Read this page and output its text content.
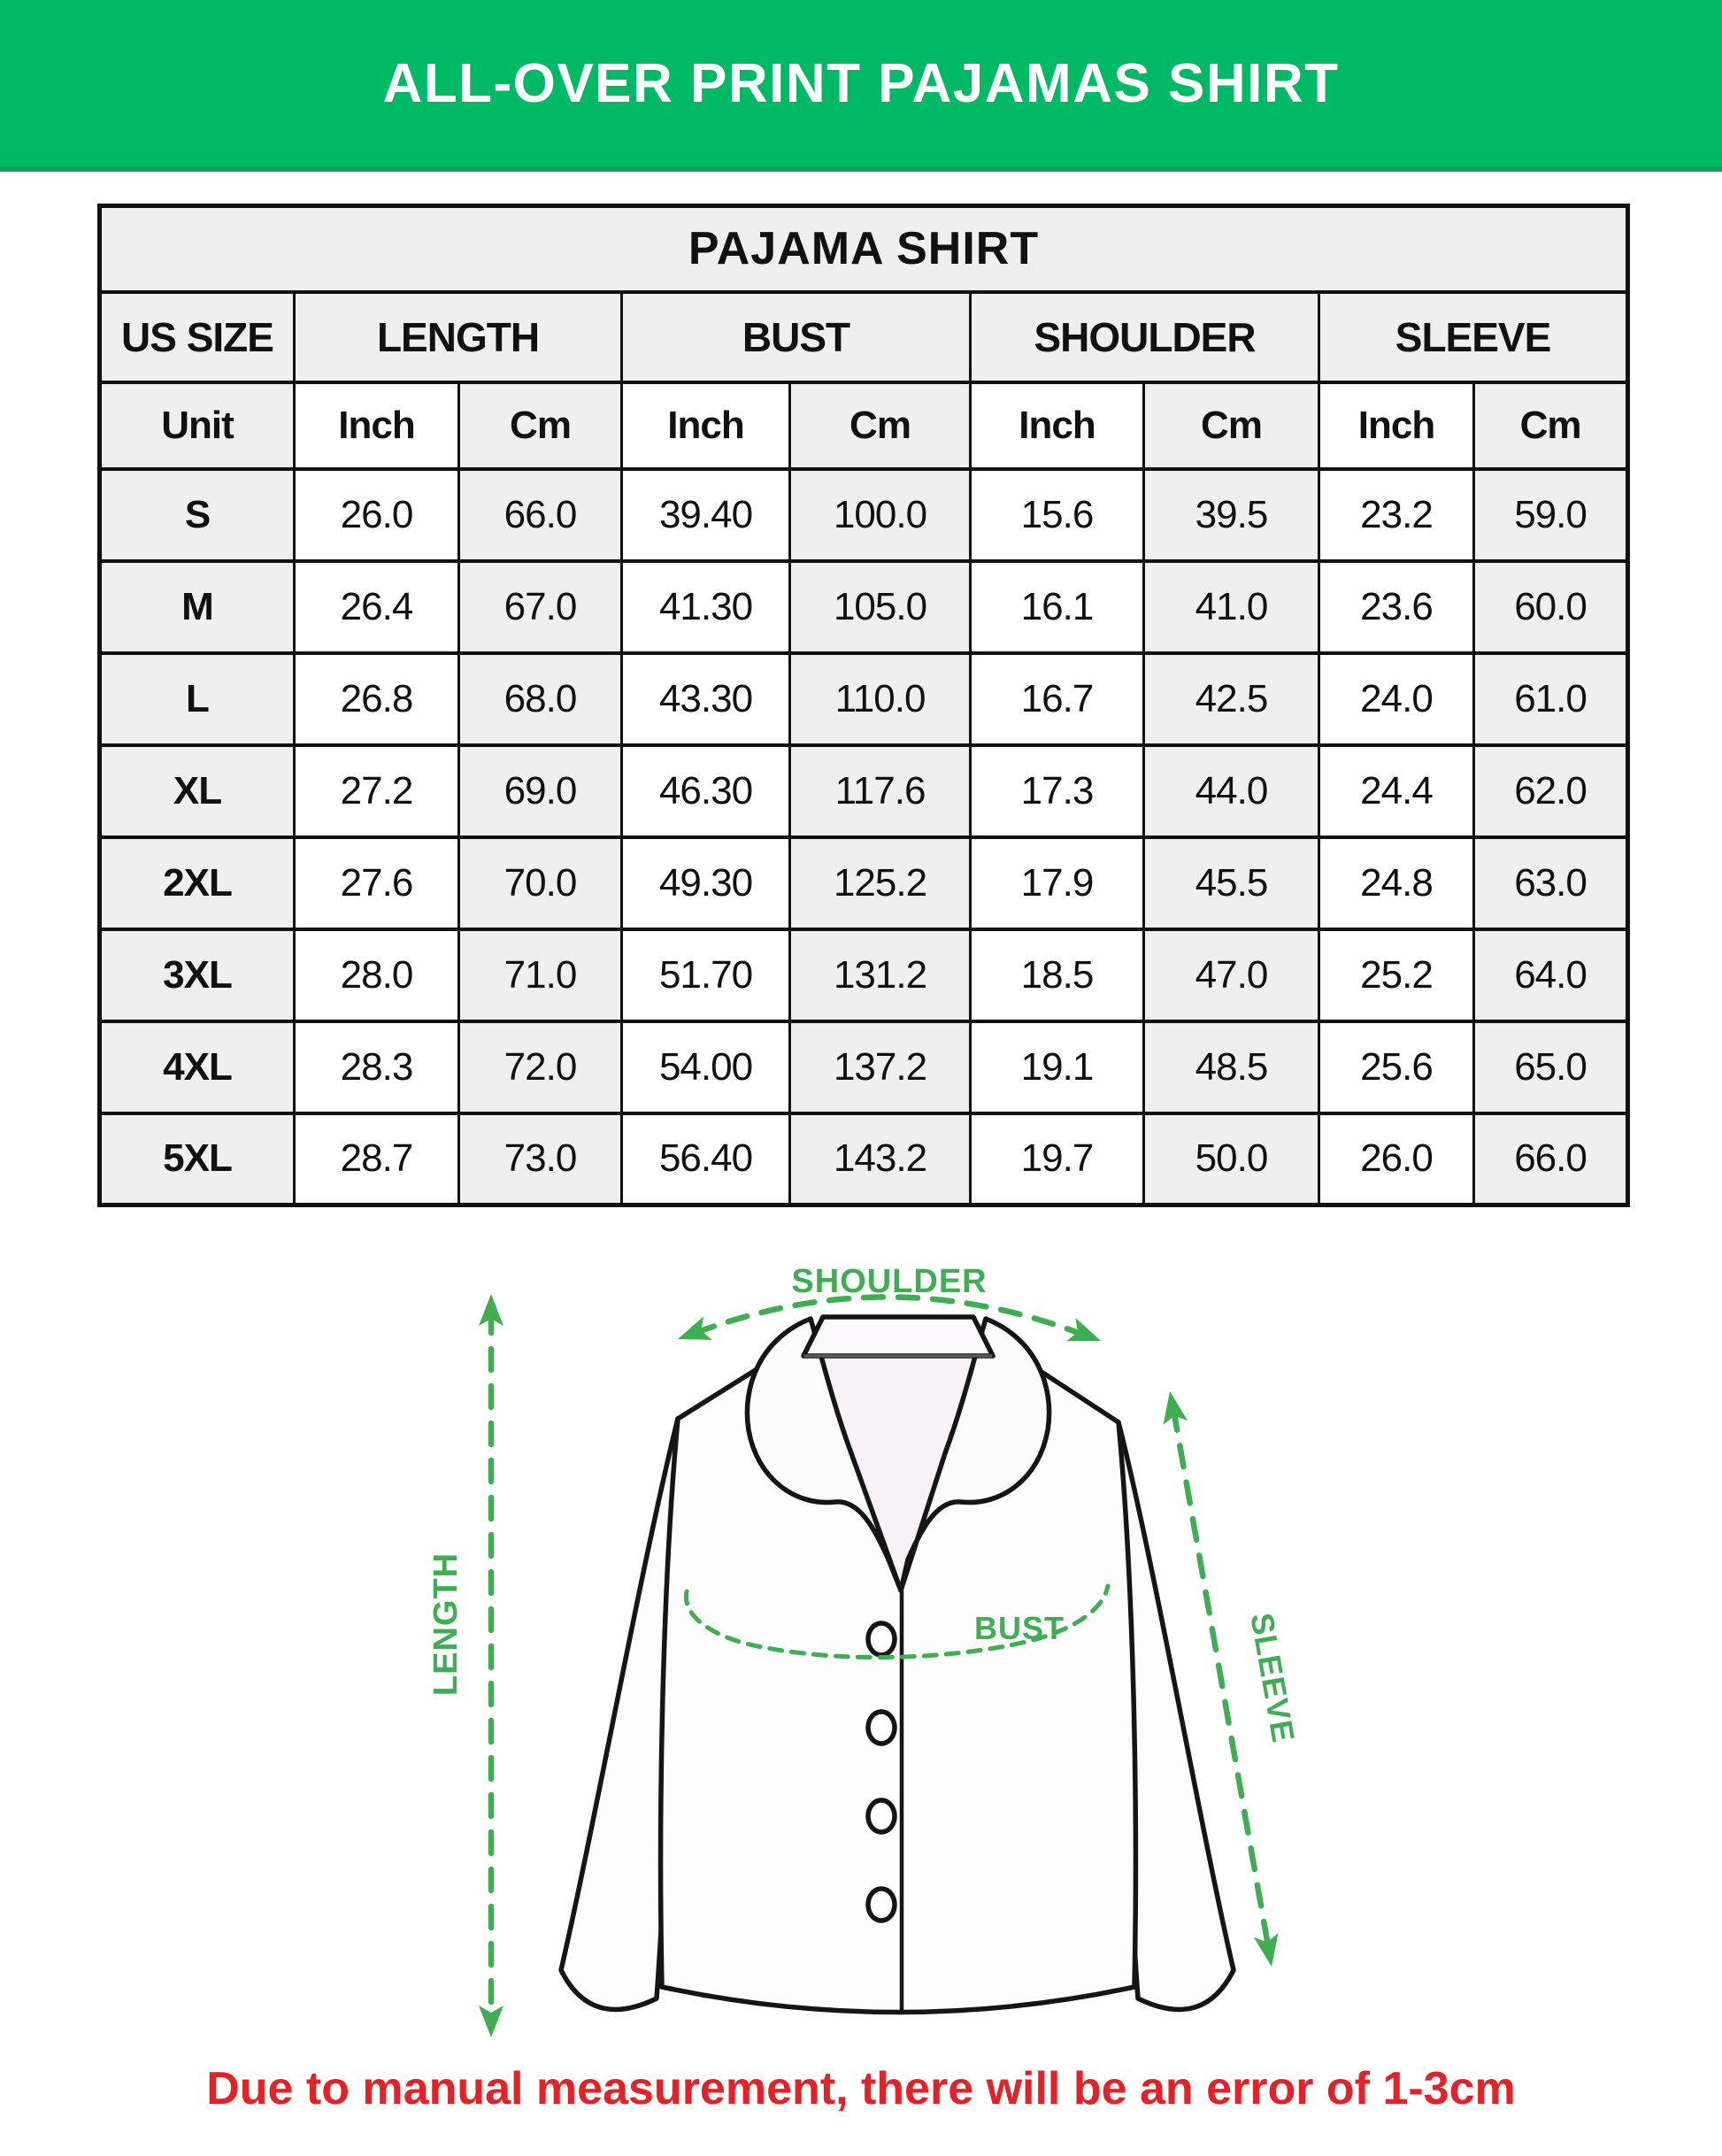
ALL-OVER PRINT PAJAMAS SHIRT
PAJAMA SHIRT								
US SIZE	LENGTH		BUST		SHOULDER		SLEEVE	
Unit	Inch	Cm	Inch	Cm	Inch	Cm	Inch	Cm
S	26.0	66.0	39.40	100.0	15.6	39.5	23.2	59.0
M	26.4	67.0	41.30	105.0	16.1	41.0	23.6	60.0
L	26.8	68.0	43.30	110.0	16.7	42.5	24.0	61.0
XL	27.2	69.0	46.30	117.6	17.3	44.0	24.4	62.0
2XL	27.6	70.0	49.30	125.2	17.9	45.5	24.8	63.0
3XL	28.0	71.0	51.70	131.2	18.5	47.0	25.2	64.0
4XL	28.3	72.0	54.00	137.2	19.1	48.5	25.6	65.0
5XL	28.7	73.0	56.40	143.2	19.7	50.0	26.0	66.0
SHOULDER
LENGTH	BUST	SLEEVE
Due to manual measurement, there will be an error of 1-3cm
